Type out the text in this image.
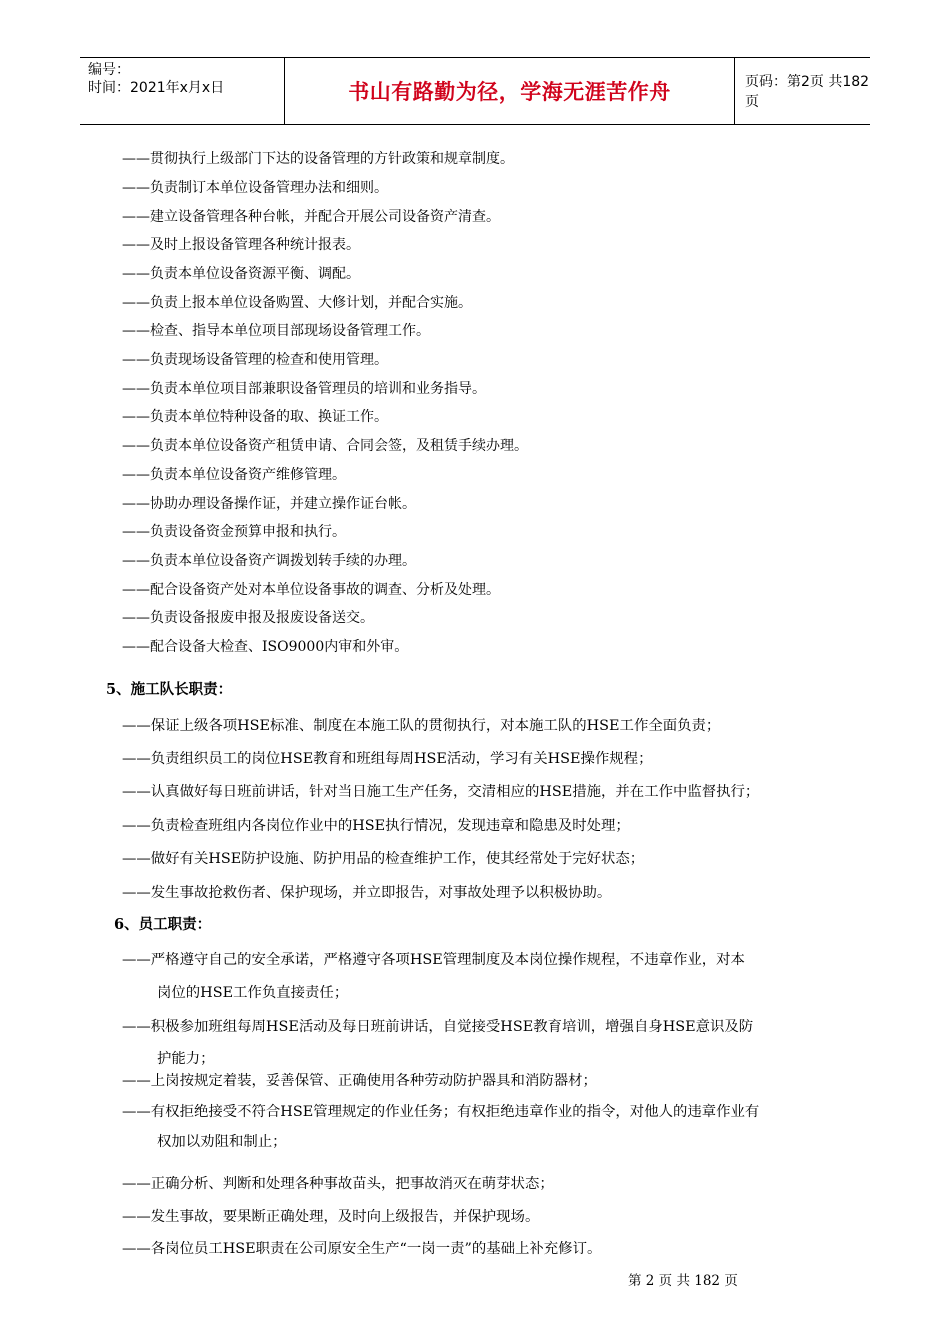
编号：
时间：2021年x月x日	书山有路勤为径，学海无涯苦作舟	页码：第2页 共182页
——贯彻执行上级部门下达的设备管理的方针政策和规章制度。
——负责制订本单位设备管理办法和细则。
——建立设备管理各种台帐，并配合开展公司设备资产清查。
——及时上报设备管理各种统计报表。
——负责本单位设备资源平衡、调配。
——负责上报本单位设备购置、大修计划，并配合实施。
——检查、指导本单位项目部现场设备管理工作。
——负责现场设备管理的检查和使用管理。
——负责本单位项目部兼职设备管理员的培训和业务指导。
——负责本单位特种设备的取、换证工作。
——负责本单位设备资产租赁申请、合同会签，及租赁手续办理。
——负责本单位设备资产维修管理。
——协助办理设备操作证，并建立操作证台帐。
——负责设备资金预算申报和执行。
——负责本单位设备资产调拨划转手续的办理。
——配合设备资产处对本单位设备事故的调查、分析及处理。
——负责设备报废申报及报废设备送交。
——配合设备大检查、ISO9000内审和外审。
5、施工队长职责：
——保证上级各项HSE标准、制度在本施工队的贯彻执行，对本施工队的HSE工作全面负责；
——负责组织员工的岗位HSE教育和班组每周HSE活动，学习有关HSE操作规程；
——认真做好每日班前讲话，针对当日施工生产任务，交清相应的HSE措施，并在工作中监督执行；
——负责检查班组内各岗位作业中的HSE执行情况，发现违章和隐患及时处理；
——做好有关HSE防护设施、防护用品的检查维护工作，使其经常处于完好状态；
——发生事故抢救伤者、保护现场，并立即报告，对事故处理予以积极协助。
6、员工职责：
——严格遵守自己的安全承诺，严格遵守各项HSE管理制度及本岗位操作规程，不违章作业，对本
岗位的HSE工作负直接责任；
——积极参加班组每周HSE活动及每日班前讲话，自觉接受HSE教育培训，增强自身HSE意识及防
护能力；
——上岗按规定着装，妥善保管、正确使用各种劳动防护器具和消防器材；
——有权拒绝接受不符合HSE管理规定的作业任务；有权拒绝违章作业的指令，对他人的违章作业有
权加以劝阻和制止；
——正确分析、判断和处理各种事故苗头，把事故消灭在萌芽状态；
——发生事故，要果断正确处理，及时向上级报告，并保护现场。
——各岗位员工HSE职责在公司原安全生产“一岗一责”的基础上补充修订。
第 2 页 共 182 页
